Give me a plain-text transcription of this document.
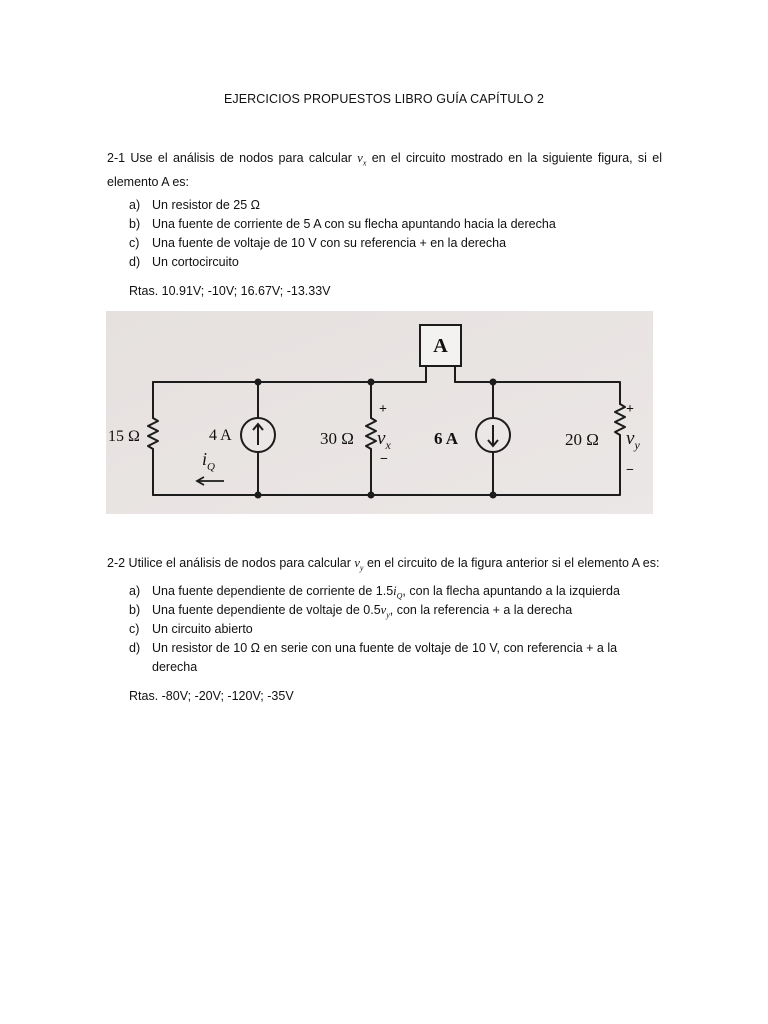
EJERCICIOS PROPUESTOS LIBRO GUÍA CAPÍTULO 2
2-1 Use el análisis de nodos para calcular $v_x$ en el circuito mostrado en la siguiente figura, si el elemento A es:
a) Un resistor de 25 Ω
b) Una fuente de corriente de 5 A con su flecha apuntando hacia la derecha
c) Una fuente de voltaje de 10 V con su referencia + en la derecha
d) Un cortocircuito
Rtas. 10.91V; -10V; 16.67V; -13.33V
A
15 Ω	4 A
$i_Q$
30 Ω
+
$v_x$
−
6 A	20 Ω
+
$v_y$
−
2-2 Utilice el análisis de nodos para calcular $v_y$ en el circuito de la figura anterior si el elemento A es:
a) Una fuente dependiente de corriente de $1.5i_Q$, con la flecha apuntando a la izquierda
b) Una fuente dependiente de voltaje de $0.5v_y$, con la referencia + a la derecha
c) Un circuito abierto
d) Un resistor de 10 Ω en serie con una fuente de voltaje de 10 V, con referencia + a la derecha
Rtas. -80V; -20V; -120V; -35V
